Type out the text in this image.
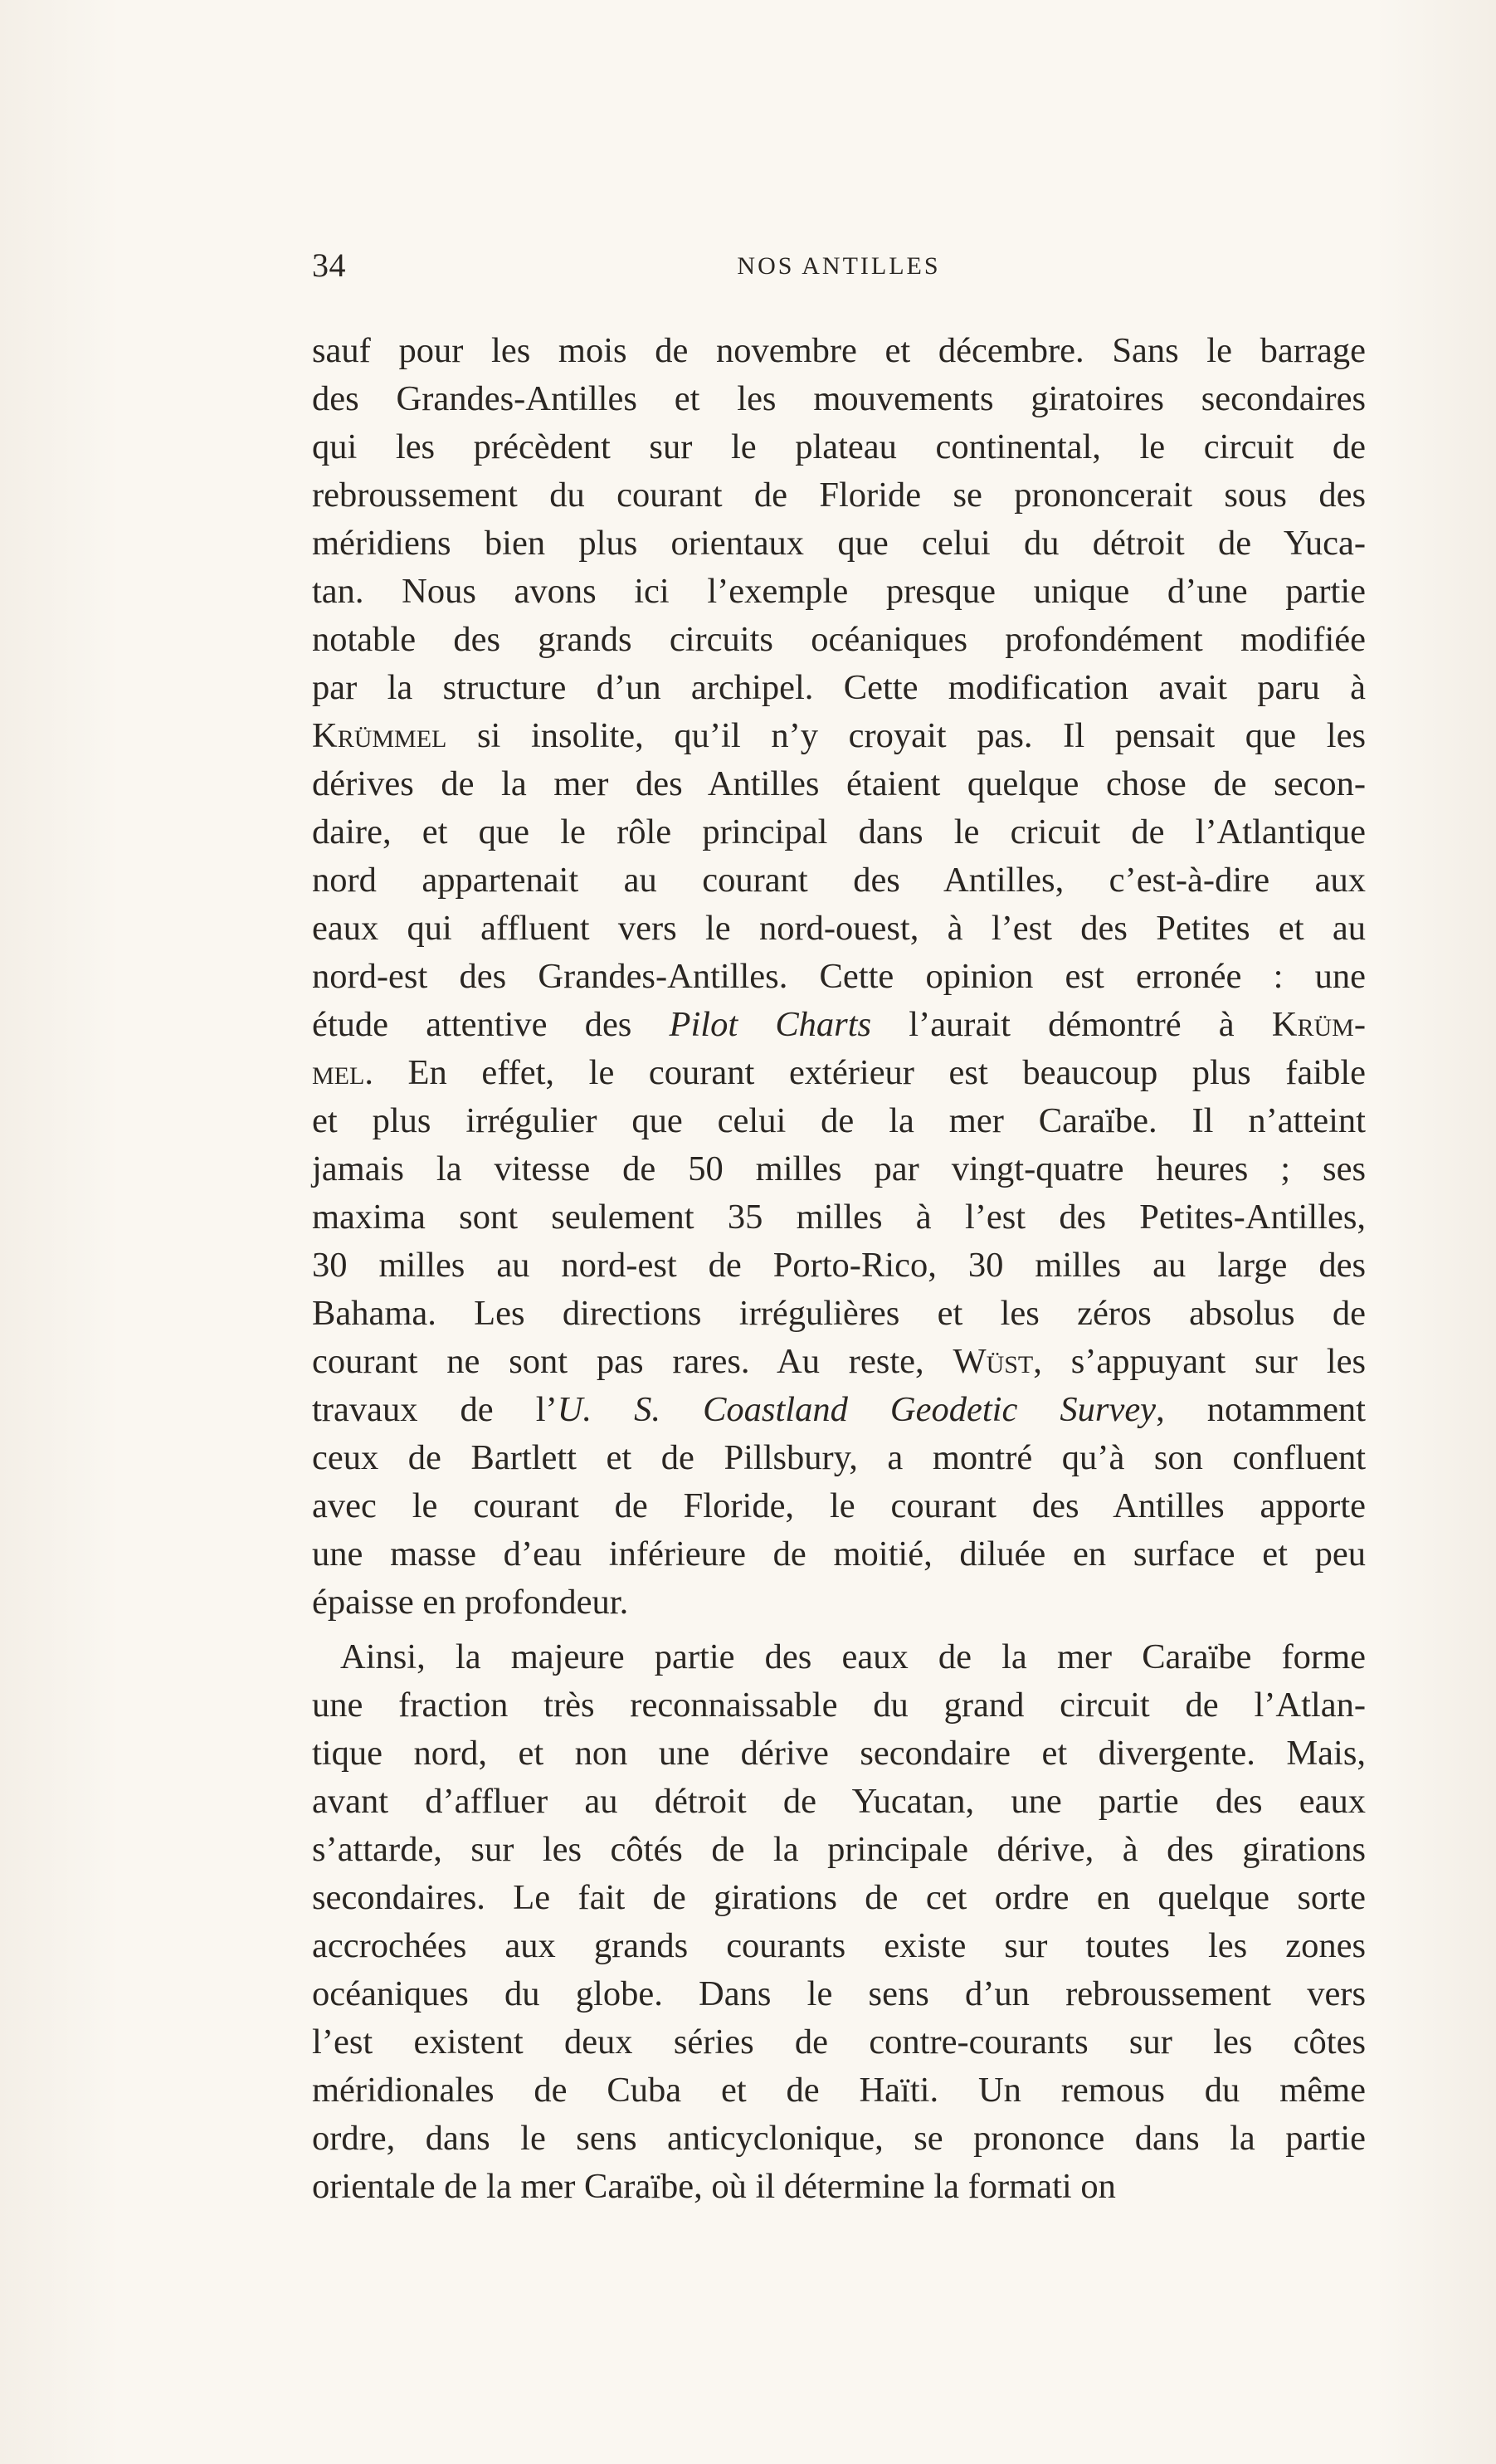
34	NOS ANTILLES
sauf pour les mois de novembre et décembre. Sans le barrage
des Grandes-Antilles et les mouvements giratoires secondaires
qui les précèdent sur le plateau continental, le circuit de
rebroussement du courant de Floride se prononcerait sous des
méridiens bien plus orientaux que celui du détroit de Yuca-
tan. Nous avons ici l’exemple presque unique d’une partie
notable des grands circuits océaniques profondément modifiée
par la structure d’un archipel. Cette modification avait paru à
Krümmel si insolite, qu’il n’y croyait pas. Il pensait que les
dérives de la mer des Antilles étaient quelque chose de secon-
daire, et que le rôle principal dans le cricuit de l’Atlantique
nord appartenait au courant des Antilles, c’est-à-dire aux
eaux qui affluent vers le nord-ouest, à l’est des Petites et au
nord-est des Grandes-Antilles. Cette opinion est erronée : une
étude attentive des Pilot Charts l’aurait démontré à Krüm-
mel. En effet, le courant extérieur est beaucoup plus faible
et plus irrégulier que celui de la mer Caraïbe. Il n’atteint
jamais la vitesse de 50 milles par vingt-quatre heures ; ses
maxima sont seulement 35 milles à l’est des Petites-Antilles,
30 milles au nord-est de Porto-Rico, 30 milles au large des
Bahama. Les directions irrégulières et les zéros absolus de
courant ne sont pas rares. Au reste, Wüst, s’appuyant sur les
travaux de l’U. S. Coastland Geodetic Survey, notamment
ceux de Bartlett et de Pillsbury, a montré qu’à son confluent
avec le courant de Floride, le courant des Antilles apporte
une masse d’eau inférieure de moitié, diluée en surface et peu
épaisse en profondeur.
Ainsi, la majeure partie des eaux de la mer Caraïbe forme
une fraction très reconnaissable du grand circuit de l’Atlan-
tique nord, et non une dérive secondaire et divergente. Mais,
avant d’affluer au détroit de Yucatan, une partie des eaux
s’attarde, sur les côtés de la principale dérive, à des girations
secondaires. Le fait de girations de cet ordre en quelque sorte
accrochées aux grands courants existe sur toutes les zones
océaniques du globe. Dans le sens d’un rebroussement vers
l’est existent deux séries de contre-courants sur les côtes
méridionales de Cuba et de Haïti. Un remous du même
ordre, dans le sens anticyclonique, se prononce dans la partie
orientale de la mer Caraïbe, où il détermine la formati on
